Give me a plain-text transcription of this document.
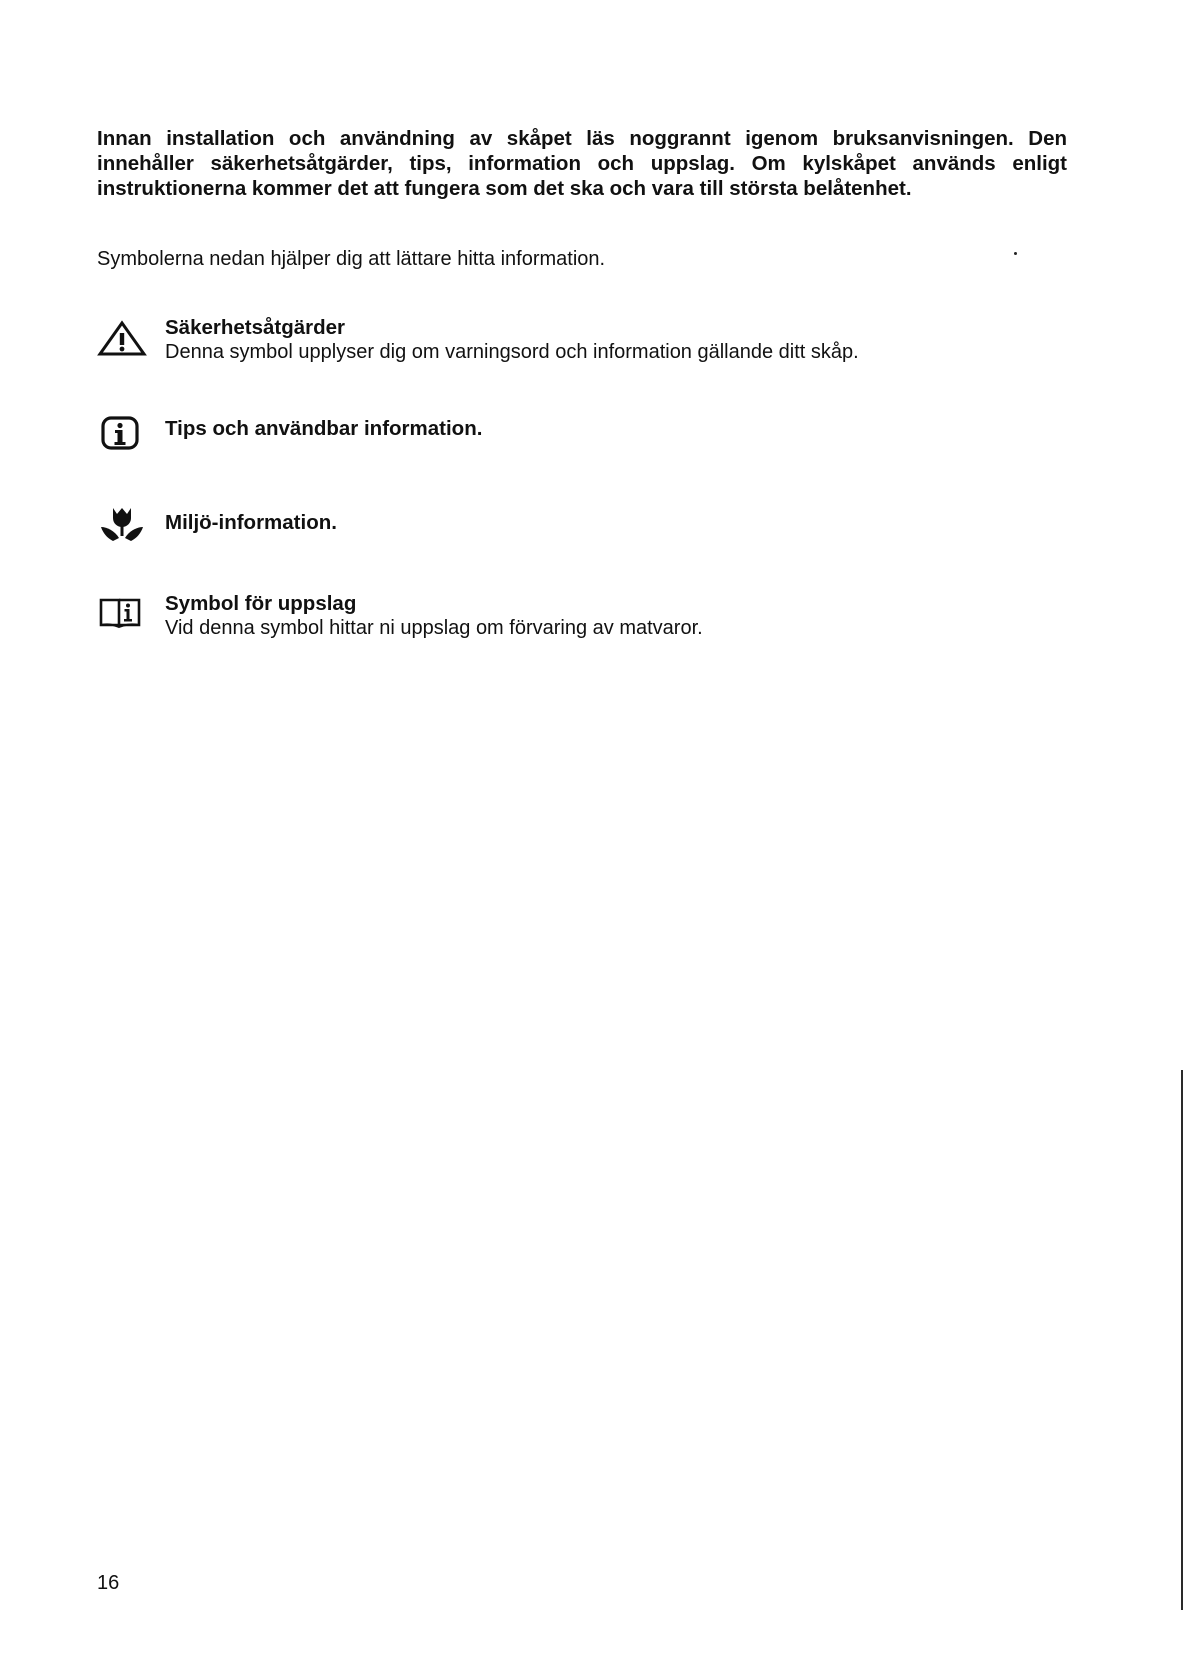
Innan installation och användning av skåpet läs noggrannt igenom bruksanvisningen. Den innehåller säkerhetsåtgärder, tips, information och uppslag. Om kylskåpet används enligt instruktionerna kommer det att fungera som det ska och vara till största belåtenhet.

Symbolerna nedan hjälper dig att lättare hitta information.

Säkerhetsåtgärder

Denna symbol upplyser dig om varningsord och information gällande ditt skåp.

Tips och användbar information.

Miljö-information.

Symbol för uppslag

Vid denna symbol hittar ni uppslag om förvaring av matvaror.

16
